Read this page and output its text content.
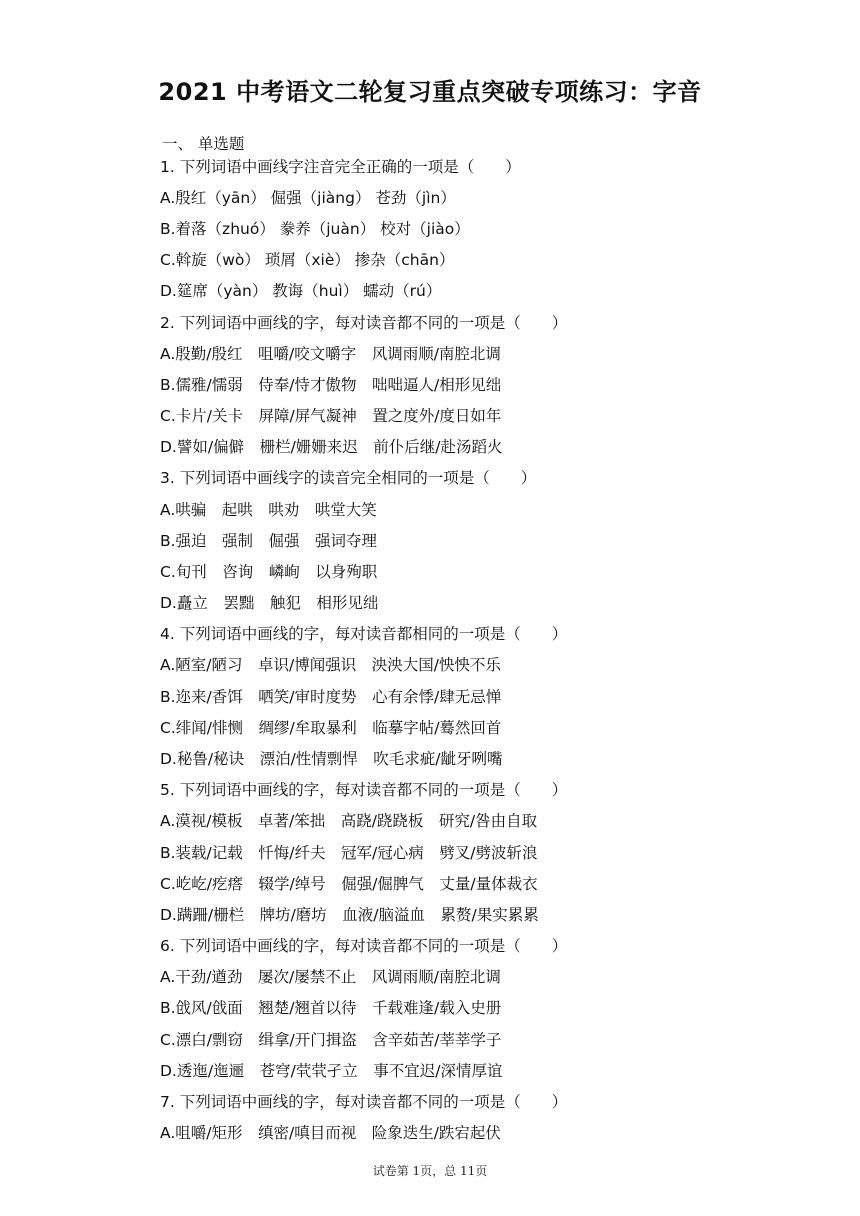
2021 中考语文二轮复习重点突破专项练习：字音
一、 单选题
1. 下列词语中画线字注音完全正确的一项是（　　）
A.殷红（yān） 倔强（jiàng） 苍劲（jìn）
B.着落（zhuó） 豢养（juàn） 校对（jiào）
C.斡旋（wò） 琐屑（xiè） 掺杂（chān）
D.筵席（yàn） 教诲（huì） 蠕动（rú）
2. 下列词语中画线的字，每对读音都不同的一项是（　　）
A.殷勤/殷红　咀嚼/咬文嚼字　风调雨顺/南腔北调
B.儒雅/懦弱　侍奉/恃才傲物　咄咄逼人/相形见绌
C.卡片/关卡　屏障/屏气凝神　置之度外/度日如年
D.譬如/偏僻　栅栏/姗姗来迟　前仆后继/赴汤蹈火
3. 下列词语中画线字的读音完全相同的一项是（　　）
A.哄骗　起哄　哄劝　哄堂大笑
B.强迫　强制　倔强　强词夺理
C.旬刊　咨询　嶙峋　以身殉职
D.矗立　罢黜　触犯　相形见绌
4. 下列词语中画线的字，每对读音都相同的一项是（　　）
A.陋室/陋习　卓识/博闻强识　泱泱大国/怏怏不乐
B.迩来/香饵　哂笑/审时度势　心有余悸/肆无忌惮
C.绯闻/悱恻　绸缪/牟取暴利　临摹字帖/蓦然回首
D.秘鲁/秘诀　漂泊/性情剽悍　吹毛求疵/龇牙咧嘴
5. 下列词语中画线的字，每对读音都不同的一项是（　　）
A.漠视/模板　卓著/笨拙　高跷/跷跷板　研究/咎由自取
B.装载/记载　忏悔/纤夫　冠军/冠心病　劈叉/劈波斩浪
C.屹屹/疙瘩　辍学/绰号　倔强/倔脾气　丈量/量体裁衣
D.蹒跚/栅栏　牌坊/磨坊　血液/脑溢血　累赘/果实累累
6. 下列词语中画线的字，每对读音都不同的一项是（　　）
A.干劲/遒劲　屡次/屡禁不止　风调雨顺/南腔北调
B.戗风/戗面　翘楚/翘首以待　千载难逢/载入史册
C.漂白/剽窃　缉拿/开门揖盗　含辛茹苦/莘莘学子
D.透迤/迤逦　苍穹/茕茕孑立　事不宜迟/深情厚谊
7. 下列词语中画线的字，每对读音都不同的一项是（　　）
A.咀嚼/矩形　缜密/嗔目而视　险象迭生/跌宕起伏
试卷第 1页，总 11页
